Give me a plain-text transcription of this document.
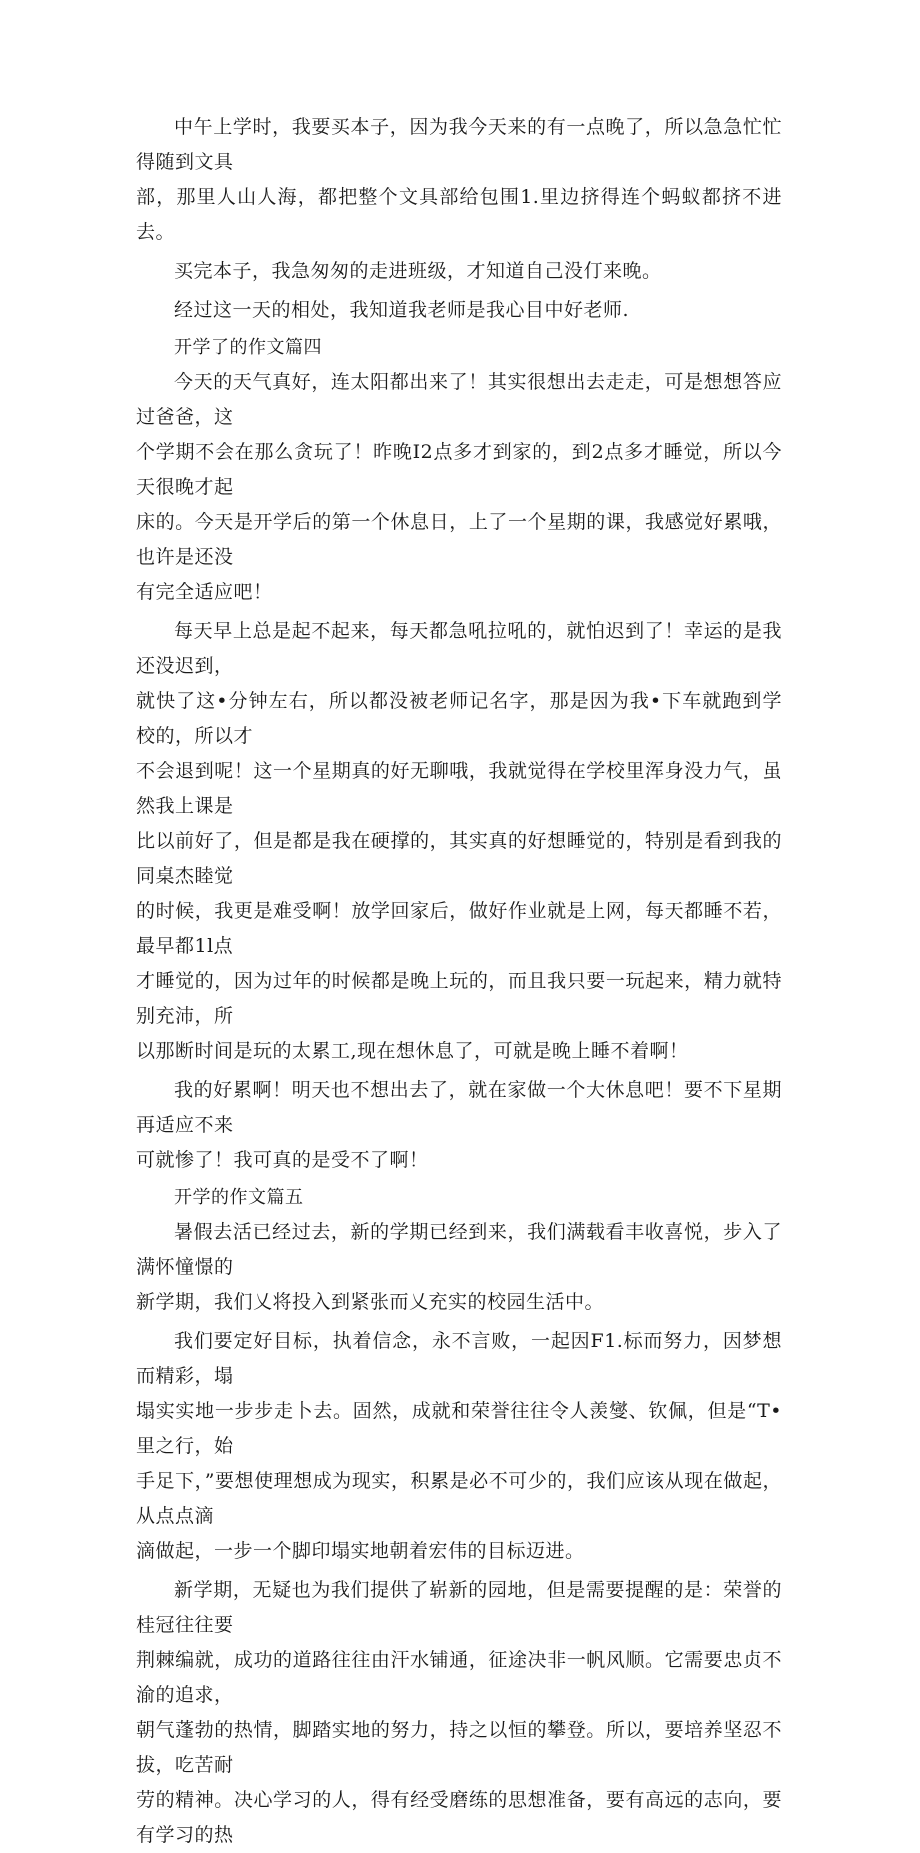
中午上学时，我要买本子，因为我今天来的有一点晚了，所以急急忙忙得随到文具
部，那里人山人海，都把整个文具部给包围1.里边挤得连个蚂蚁都挤不进去。

买完本子，我急匆匆的走进班级，才知道自己没仃来晚。

经过这一天的相处，我知道我老师是我心目中好老师.

开学了的作文篇四

今天的天气真好，连太阳都出来了！其实很想出去走走，可是想想答应过爸爸，这
个学期不会在那么贪玩了！昨晚I2点多才到家的，到2点多才睡觉，所以今天很晚才起
床的。今天是开学后的第一个休息日，上了一个星期的课，我感觉好累哦，也许是还没
有完全适应吧！

每天早上总是起不起来，每天都急吼拉吼的，就怕迟到了！幸运的是我还没迟到，
就快了这•分钟左右，所以都没被老师记名字，那是因为我•下车就跑到学校的，所以才
不会退到呢！这一个星期真的好无聊哦，我就觉得在学校里浑身没力气，虽然我上课是
比以前好了，但是都是我在硬撑的，其实真的好想睡觉的，特别是看到我的同桌杰睦觉
的时候，我更是难受啊！放学回家后，做好作业就是上网，每天都睡不若，最早都1l点
才睡觉的，因为过年的时候都是晚上玩的，而且我只要一玩起来，精力就特别充沛，所
以那断时间是玩的太累工,现在想休息了，可就是晚上睡不着啊！

我的好累啊！明天也不想出去了，就在家做一个大休息吧！要不下星期再适应不来
可就惨了！我可真的是受不了啊！

开学的作文篇五

暑假去活已经过去，新的学期已经到来，我们满载看丰收喜悦，步入了满怀憧憬的
新学期，我们乂将投入到紧张而乂充实的校园生活中。

我们要定好目标，执着信念，永不言败，一起因F1.标而努力，因梦想而精彩，塌
塌实实地一步步走卜去。固然，成就和荣誉往往令人羡燮、钦佩，但是“T•里之行，始
手足下，”要想使理想成为现实，积累是必不可少的，我们应该从现在做起，从点点滴
滴做起，一步一个脚印塌实地朝着宏伟的目标迈进。

新学期，无疑也为我们提供了崭新的园地，但是需要提醒的是：荣誉的桂冠往往要
荆棘编就，成功的道路往往由汗水铺通，征途决非一帆风顺。它需要忠贞不渝的追求，
朝气蓬勃的热情，脚踏实地的努力，持之以恒的攀登。所以，要培养坚忍不拔，吃苦耐
劳的精神。决心学习的人，得有经受磨练的思想准备，要有高远的志向，要有学习的热
